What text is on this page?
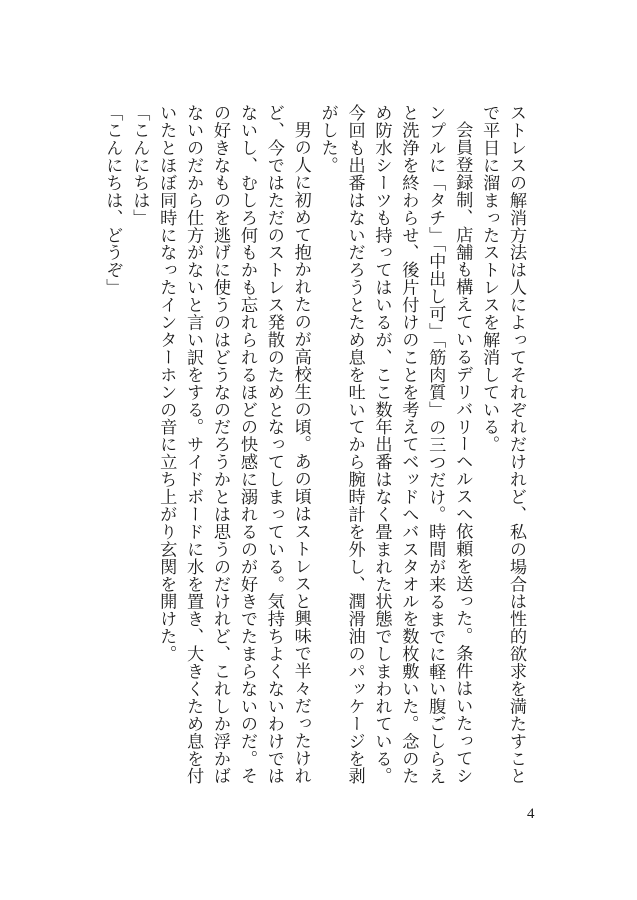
ストレスの解消方法は人によってそれぞれだけれど、私の場合は性的欲求を満たすことで平日に溜まったストレスを解消している。

会員登録制、店舗も構えているデリバリーヘルスへ依頼を送った。条件はいたってシンプルに「タチ」「中出し可」「筋肉質」の三つだけ。時間が来るまでに軽い腹ごしらえと洗浄を終わらせ、後片付けのことを考えてベッドへバスタオルを数枚敷いた。念のため防水シーツも持ってはいるが、ここ数年出番はなく畳まれた状態でしまわれている。今回も出番はないだろうとため息を吐いてから腕時計を外し、潤滑油のパッケージを剥がした。

男の人に初めて抱かれたのが高校生の頃。あの頃はストレスと興味で半々だったけれど、今ではただのストレス発散のためとなってしまっている。気持ちよくないわけではないし、むしろ何もかも忘れられるほどの快感に溺れるのが好きでたまらないのだ。その好きなものを逃げに使うのはどうなのだろうかとは思うのだけれど、これしか浮かばないのだから仕方がないと言い訳をする。サイドボードに水を置き、大きくため息を付いたとほぼ同時になったインターホンの音に立ち上がり玄関を開けた。

「こんにちは」

「こんにちは、どうぞ」

4
